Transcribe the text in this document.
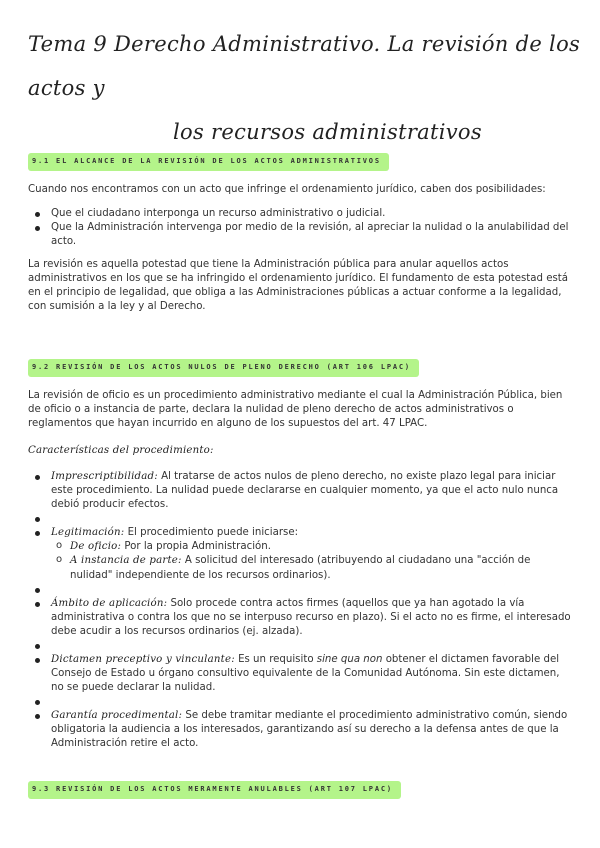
Tema 9 Derecho Administrativo. La revisión de los actos y
los recursos administrativos
9.1 EL ALCANCE DE LA REVISIÓN DE LOS ACTOS ADMINISTRATIVOS

Cuando nos encontramos con un acto que infringe el ordenamiento jurídico, caben dos posibilidades:

Que el ciudadano interponga un recurso administrativo o judicial.

Que la Administración intervenga por medio de la revisión, al apreciar la nulidad o la anulabilidad del acto.

La revisión es aquella potestad que tiene la Administración pública para anular aquellos actos administrativos en los que se ha infringido el ordenamiento jurídico. El fundamento de esta potestad está en el principio de legalidad, que obliga a las Administraciones públicas a actuar conforme a la legalidad, con sumisión a la ley y al Derecho.

9.2 REVISIÓN DE LOS ACTOS NULOS DE PLENO DERECHO (ART 106 LPAC)

La revisión de oficio es un procedimiento administrativo mediante el cual la Administración Pública, bien de oficio o a instancia de parte, declara la nulidad de pleno derecho de actos administrativos o reglamentos que hayan incurrido en alguno de los supuestos del art. 47 LPAC.

Características del procedimiento:

Imprescriptibilidad: Al tratarse de actos nulos de pleno derecho, no existe plazo legal para iniciar este procedimiento. La nulidad puede declararse en cualquier momento, ya que el acto nulo nunca debió producir efectos.

Legitimación: El procedimiento puede iniciarse:

o De oficio: Por la propia Administración.

o A instancia de parte: A solicitud del interesado (atribuyendo al ciudadano una "acción de nulidad" independiente de los recursos ordinarios).

Ámbito de aplicación: Solo procede contra actos firmes (aquellos que ya han agotado la vía administrativa o contra los que no se interpuso recurso en plazo). Si el acto no es firme, el interesado debe acudir a los recursos ordinarios (ej. alzada).

Dictamen preceptivo y vinculante: Es un requisito sine qua non obtener el dictamen favorable del Consejo de Estado u órgano consultivo equivalente de la Comunidad Autónoma. Sin este dictamen, no se puede declarar la nulidad.

Garantía procedimental: Se debe tramitar mediante el procedimiento administrativo común, siendo obligatoria la audiencia a los interesados, garantizando así su derecho a la defensa antes de que la Administración retire el acto.

9.3 REVISIÓN DE LOS ACTOS MERAMENTE ANULABLES (ART 107 LPAC)
